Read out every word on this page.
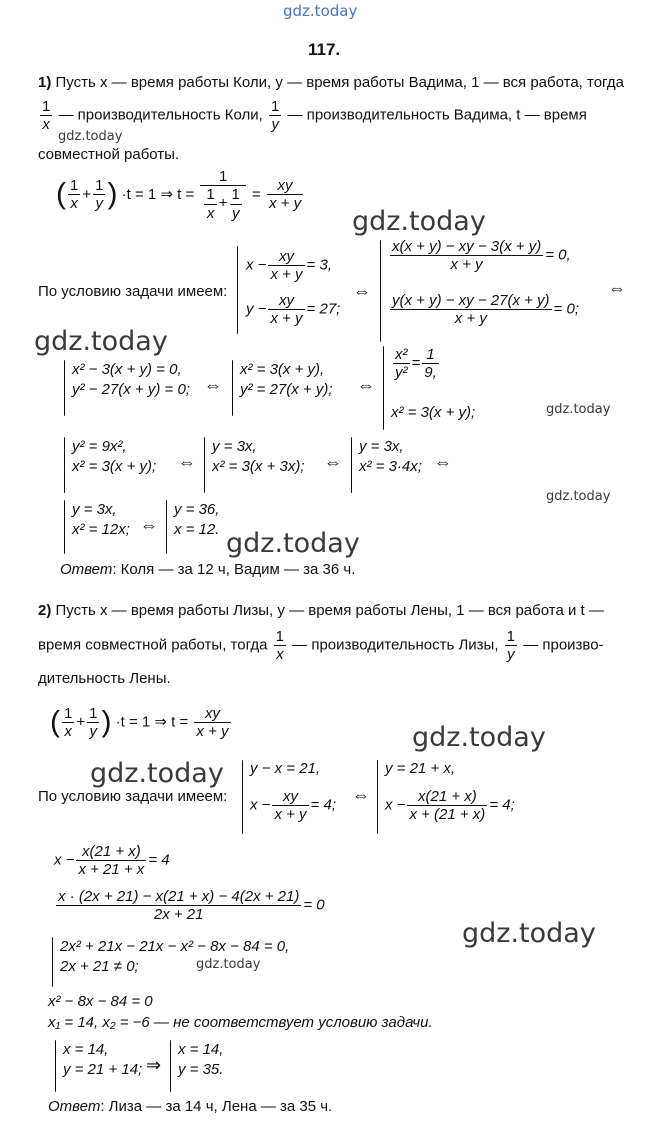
gdz.today
gdz.today
gdz.today
gdz.today
gdz.today
gdz.today
gdz.today
gdz.today
gdz.today
gdz.today
gdz.today
117.
1) Пусть x — время работы Коли, y — время работы Вадима, 1 — вся работа, тогда
$\frac{1}{x}$ — производительность Коли, $\frac{1}{y}$ — производительность Вадима, t — время
совместной работы.
( $\frac{1}{x} + \frac{1}{y}$ ) ·t = 1 ⇒ $t = \frac{1}{\frac{1}{x} + \frac{1}{y}} = \frac{xy}{x + y}$
По условию задачи имеем:
$x - \frac{xy}{x + y} = 3$,
$y - \frac{xy}{x + y} = 27$;
⇔
$\frac{x(x + y) - xy - 3(x + y)}{x + y} = 0$,
$\frac{y(x + y) - xy - 27(x + y)}{x + y} = 0$;
⇔
x² − 3(x + y) = 0,
y² − 27(x + y) = 0; ⇔
x² = 3(x + y),
y² = 27(x + y); ⇔
$\frac{\text{x²}}{\text{y²}} = \frac{1}{9,}$
x² = 3(x + y);
y² = 9x²,
x² = 3(x + y); ⇔
y = 3x,
x² = 3(x + 3x); ⇔
y = 3x,
x² = 3·4x; ⇔
y = 3x,
x² = 12x; ⇔
y = 36,
x = 12.
Ответ: Коля — за 12 ч, Вадим — за 36 ч.
2) Пусть x — время работы Лизы, y — время работы Лены, 1 — вся работа и t —
время совместной работы, тогда $\frac{1}{x}$ — производительность Лизы, $\frac{1}{y}$ — произво-
дительность Лены.
( $\frac{1}{x} + \frac{1}{y}$ ) ·t = 1 ⇒ $t = \frac{xy}{x + y}$
По условию задачи имеем:
y − x = 21,
$x - \frac{xy}{x + y} = 4$;
⇔
y = 21 + x,
$x - \frac{x(21 + x)}{x + (21 + x)} = 4$;
$x - \frac{x(21 + x)}{x + 21 + x} = 4$
$\frac{x \cdot (2x + 21) - x(21 + x) - 4(2x + 21)}{2x + 21} = 0$
2x² + 21x − 21x − x² − 8x − 84 = 0,
2x + 21 ≠ 0;
x² − 8x − 84 = 0
x₁ = 14, x₂ = −6 — не соответствует условию задачи.
x = 14,
y = 21 + 14; ⇒
x = 14,
y = 35.
Ответ: Лиза — за 14 ч, Лена — за 35 ч.
